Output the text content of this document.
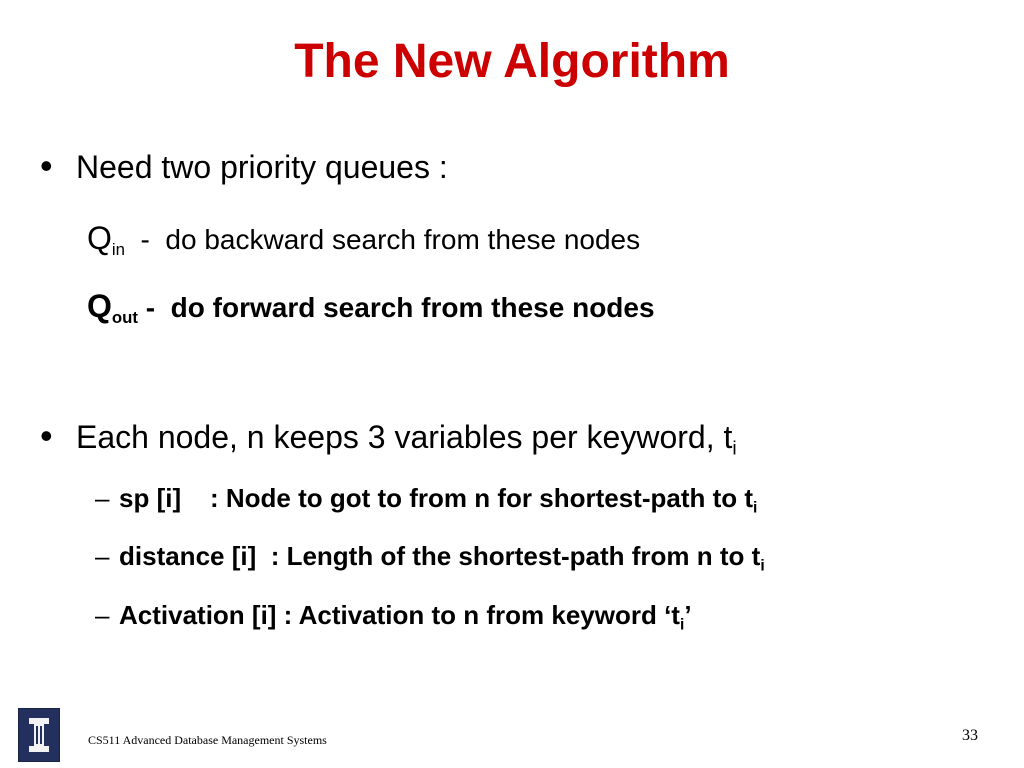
The New Algorithm
• Need two priority queues :
$Q_{in}$  -  do backward search from these nodes
$Q_{out}$ -  do forward search from these nodes
• Each node, n keeps 3 variables per keyword, $t_i$
– sp [i]    : Node to got to from n for shortest-path to $t_i$
– distance [i]  : Length of the shortest-path from n to $t_i$
– Activation [i] : Activation to n from keyword ‘$t_i$’
CS511 Advanced Database Management Systems	33
